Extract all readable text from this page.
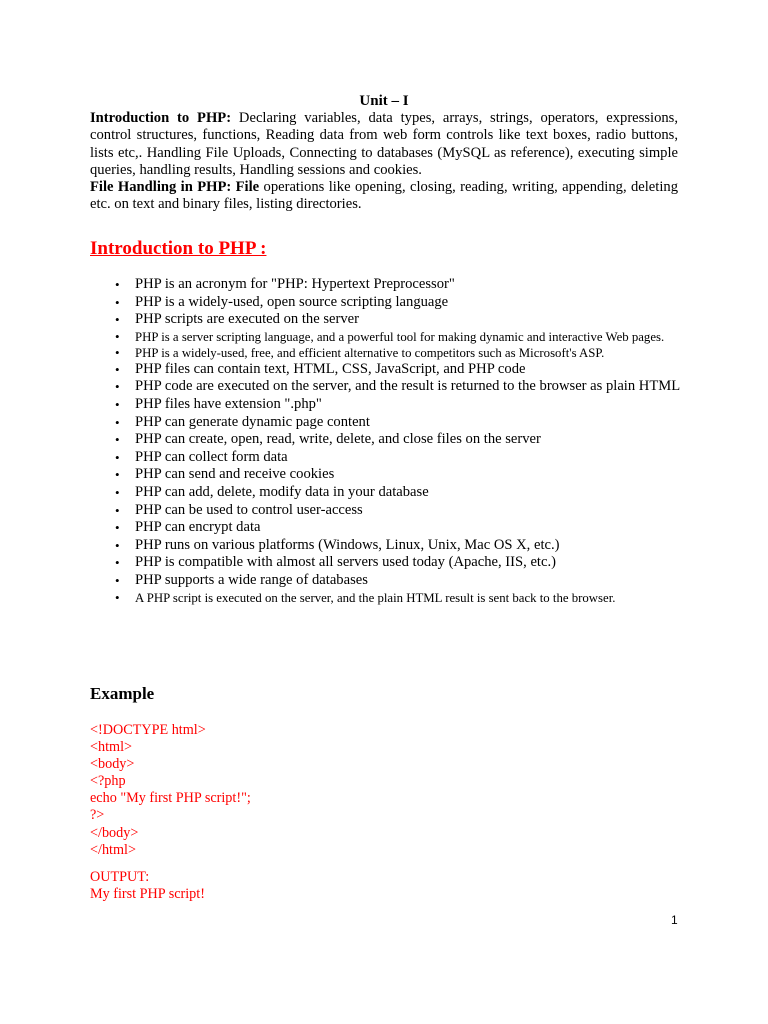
Unit – I

Introduction to PHP: Declaring variables, data types, arrays, strings, operators, expressions, control structures, functions, Reading data from web form controls like text boxes, radio buttons, lists etc,. Handling File Uploads, Connecting to databases (MySQL as reference), executing simple queries, handling results, Handling sessions and cookies.

File Handling in PHP: File operations like opening, closing, reading, writing, appending, deleting etc. on text and binary files, listing directories.

Introduction to PHP :
• PHP is an acronym for "PHP: Hypertext Preprocessor"
• PHP is a widely-used, open source scripting language
• PHP scripts are executed on the server
• PHP is a server scripting language, and a powerful tool for making dynamic and interactive Web pages.
• PHP is a widely-used, free, and efficient alternative to competitors such as Microsoft's ASP.
• PHP files can contain text, HTML, CSS, JavaScript, and PHP code
• PHP code are executed on the server, and the result is returned to the browser as plain HTML
• PHP files have extension ".php"
• PHP can generate dynamic page content
• PHP can create, open, read, write, delete, and close files on the server
• PHP can collect form data
• PHP can send and receive cookies
• PHP can add, delete, modify data in your database
• PHP can be used to control user-access
• PHP can encrypt data
• PHP runs on various platforms (Windows, Linux, Unix, Mac OS X, etc.)
• PHP is compatible with almost all servers used today (Apache, IIS, etc.)
• PHP supports a wide range of databases
• A PHP script is executed on the server, and the plain HTML result is sent back to the browser.
Example
<!DOCTYPE html>
<html>
<body>
<?php
echo "My first PHP script!";
?>
</body>
</html>
OUTPUT:
My first PHP script!
1
